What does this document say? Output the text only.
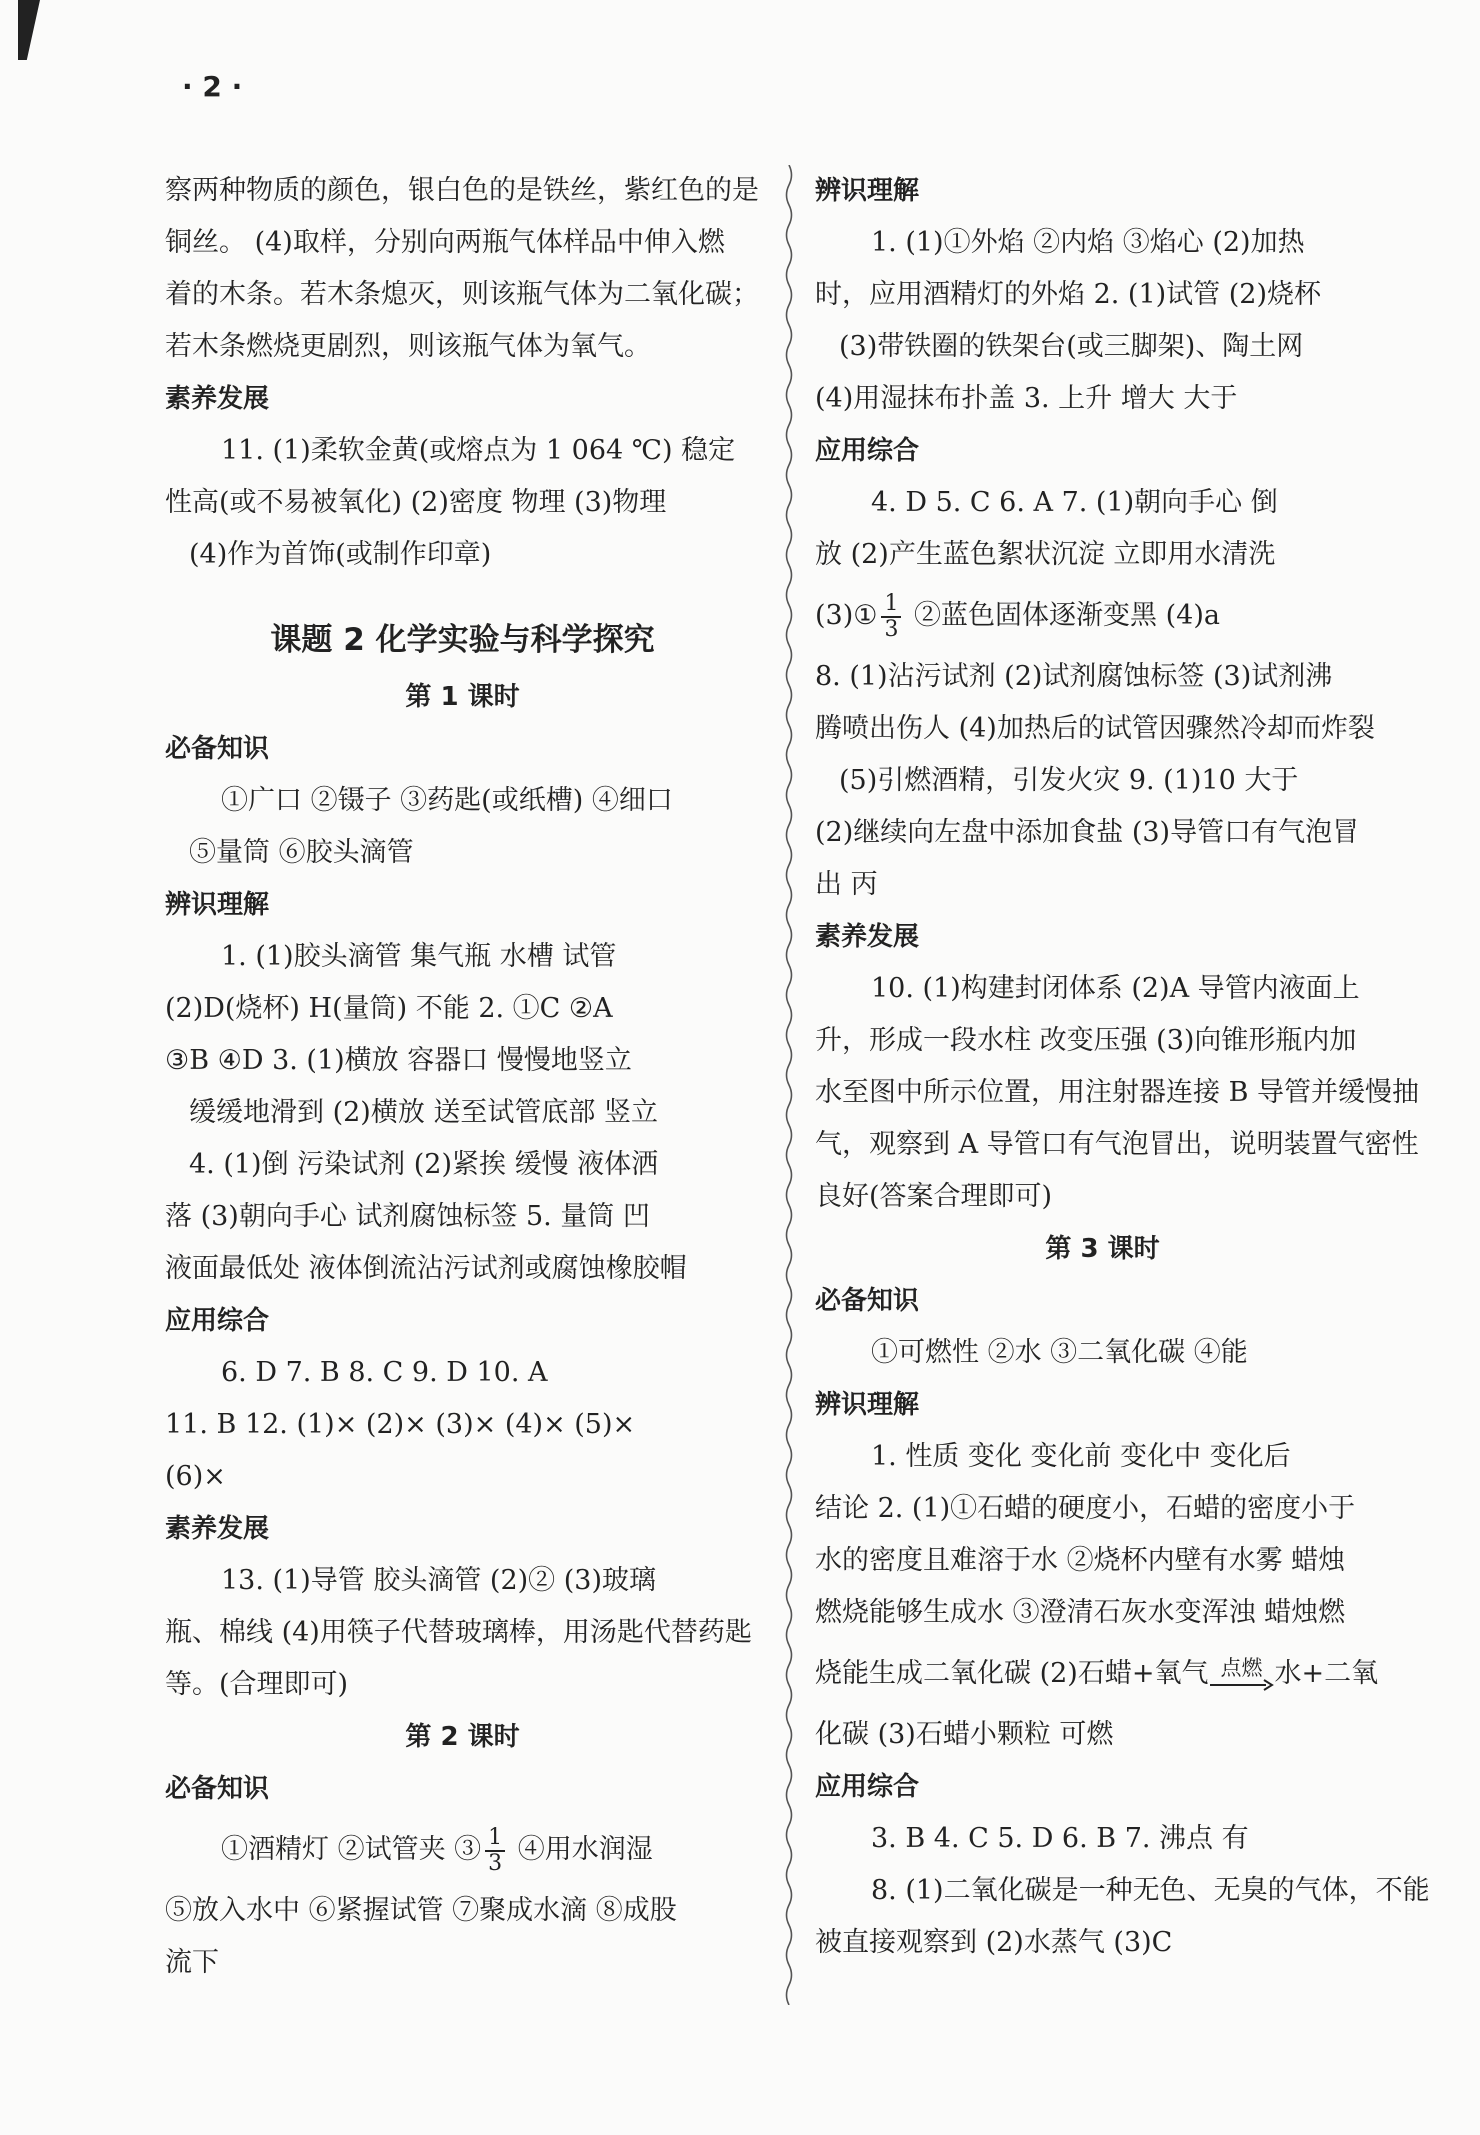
· 2 ·
察两种物质的颜色，银白色的是铁丝，紫红色的是
铜丝。 (4)取样，分别向两瓶气体样品中伸入燃
着的木条。若木条熄灭，则该瓶气体为二氧化碳；
若木条燃烧更剧烈，则该瓶气体为氧气。
素养发展
11. (1)柔软金黄(或熔点为 1 064 ℃) 稳定
性高(或不易被氧化) (2)密度 物理 (3)物理
(4)作为首饰(或制作印章)
课题 2 化学实验与科学探究
第 1 课时
必备知识
①广口 ②镊子 ③药匙(或纸槽) ④细口
⑤量筒 ⑥胶头滴管
辨识理解
1. (1)胶头滴管 集气瓶 水槽 试管
(2)D(烧杯) H(量筒) 不能 2. ①C ②A
③B ④D 3. (1)横放 容器口 慢慢地竖立
缓缓地滑到 (2)横放 送至试管底部 竖立
4. (1)倒 污染试剂 (2)紧挨 缓慢 液体洒
落 (3)朝向手心 试剂腐蚀标签 5. 量筒 凹
液面最低处 液体倒流沾污试剂或腐蚀橡胶帽
应用综合
6. D 7. B 8. C 9. D 10. A
11. B 12. (1)× (2)× (3)× (4)× (5)×
(6)×
素养发展
13. (1)导管 胶头滴管 (2)② (3)玻璃
瓶、棉线 (4)用筷子代替玻璃棒，用汤匙代替药匙
等。(合理即可)
第 2 课时
必备知识
①酒精灯 ②试管夹 ③ $\frac{1}{3}$ ④用水润湿
⑤放入水中 ⑥紧握试管 ⑦聚成水滴 ⑧成股
流下
辨识理解
1. (1)①外焰 ②内焰 ③焰心 (2)加热
时，应用酒精灯的外焰 2. (1)试管 (2)烧杯
(3)带铁圈的铁架台(或三脚架)、陶土网
(4)用湿抹布扑盖 3. 上升 增大 大于
应用综合
4. D 5. C 6. A 7. (1)朝向手心 倒
放 (2)产生蓝色絮状沉淀 立即用水清洗
(3)① $\frac{1}{3}$ ②蓝色固体逐渐变黑 (4)a
8. (1)沾污试剂 (2)试剂腐蚀标签 (3)试剂沸
腾喷出伤人 (4)加热后的试管因骤然冷却而炸裂
(5)引燃酒精，引发火灾 9. (1)10 大于
(2)继续向左盘中添加食盐 (3)导管口有气泡冒
出 丙
素养发展
10. (1)构建封闭体系 (2)A 导管内液面上
升，形成一段水柱 改变压强 (3)向锥形瓶内加
水至图中所示位置，用注射器连接 B 导管并缓慢抽
气，观察到 A 导管口有气泡冒出，说明装置气密性
良好(答案合理即可)
第 3 课时
必备知识
①可燃性 ②水 ③二氧化碳 ④能
辨识理解
1. 性质 变化 变化前 变化中 变化后
结论 2. (1)①石蜡的硬度小，石蜡的密度小于
水的密度且难溶于水 ②烧杯内壁有水雾 蜡烛
燃烧能够生成水 ③澄清石灰水变浑浊 蜡烛燃
烧能生成二氧化碳 (2)石蜡+氧气 点燃 水+二氧
化碳 (3)石蜡小颗粒 可燃
应用综合
3. B 4. C 5. D 6. B 7. 沸点 有
8. (1)二氧化碳是一种无色、无臭的气体，不能
被直接观察到 (2)水蒸气 (3)C
